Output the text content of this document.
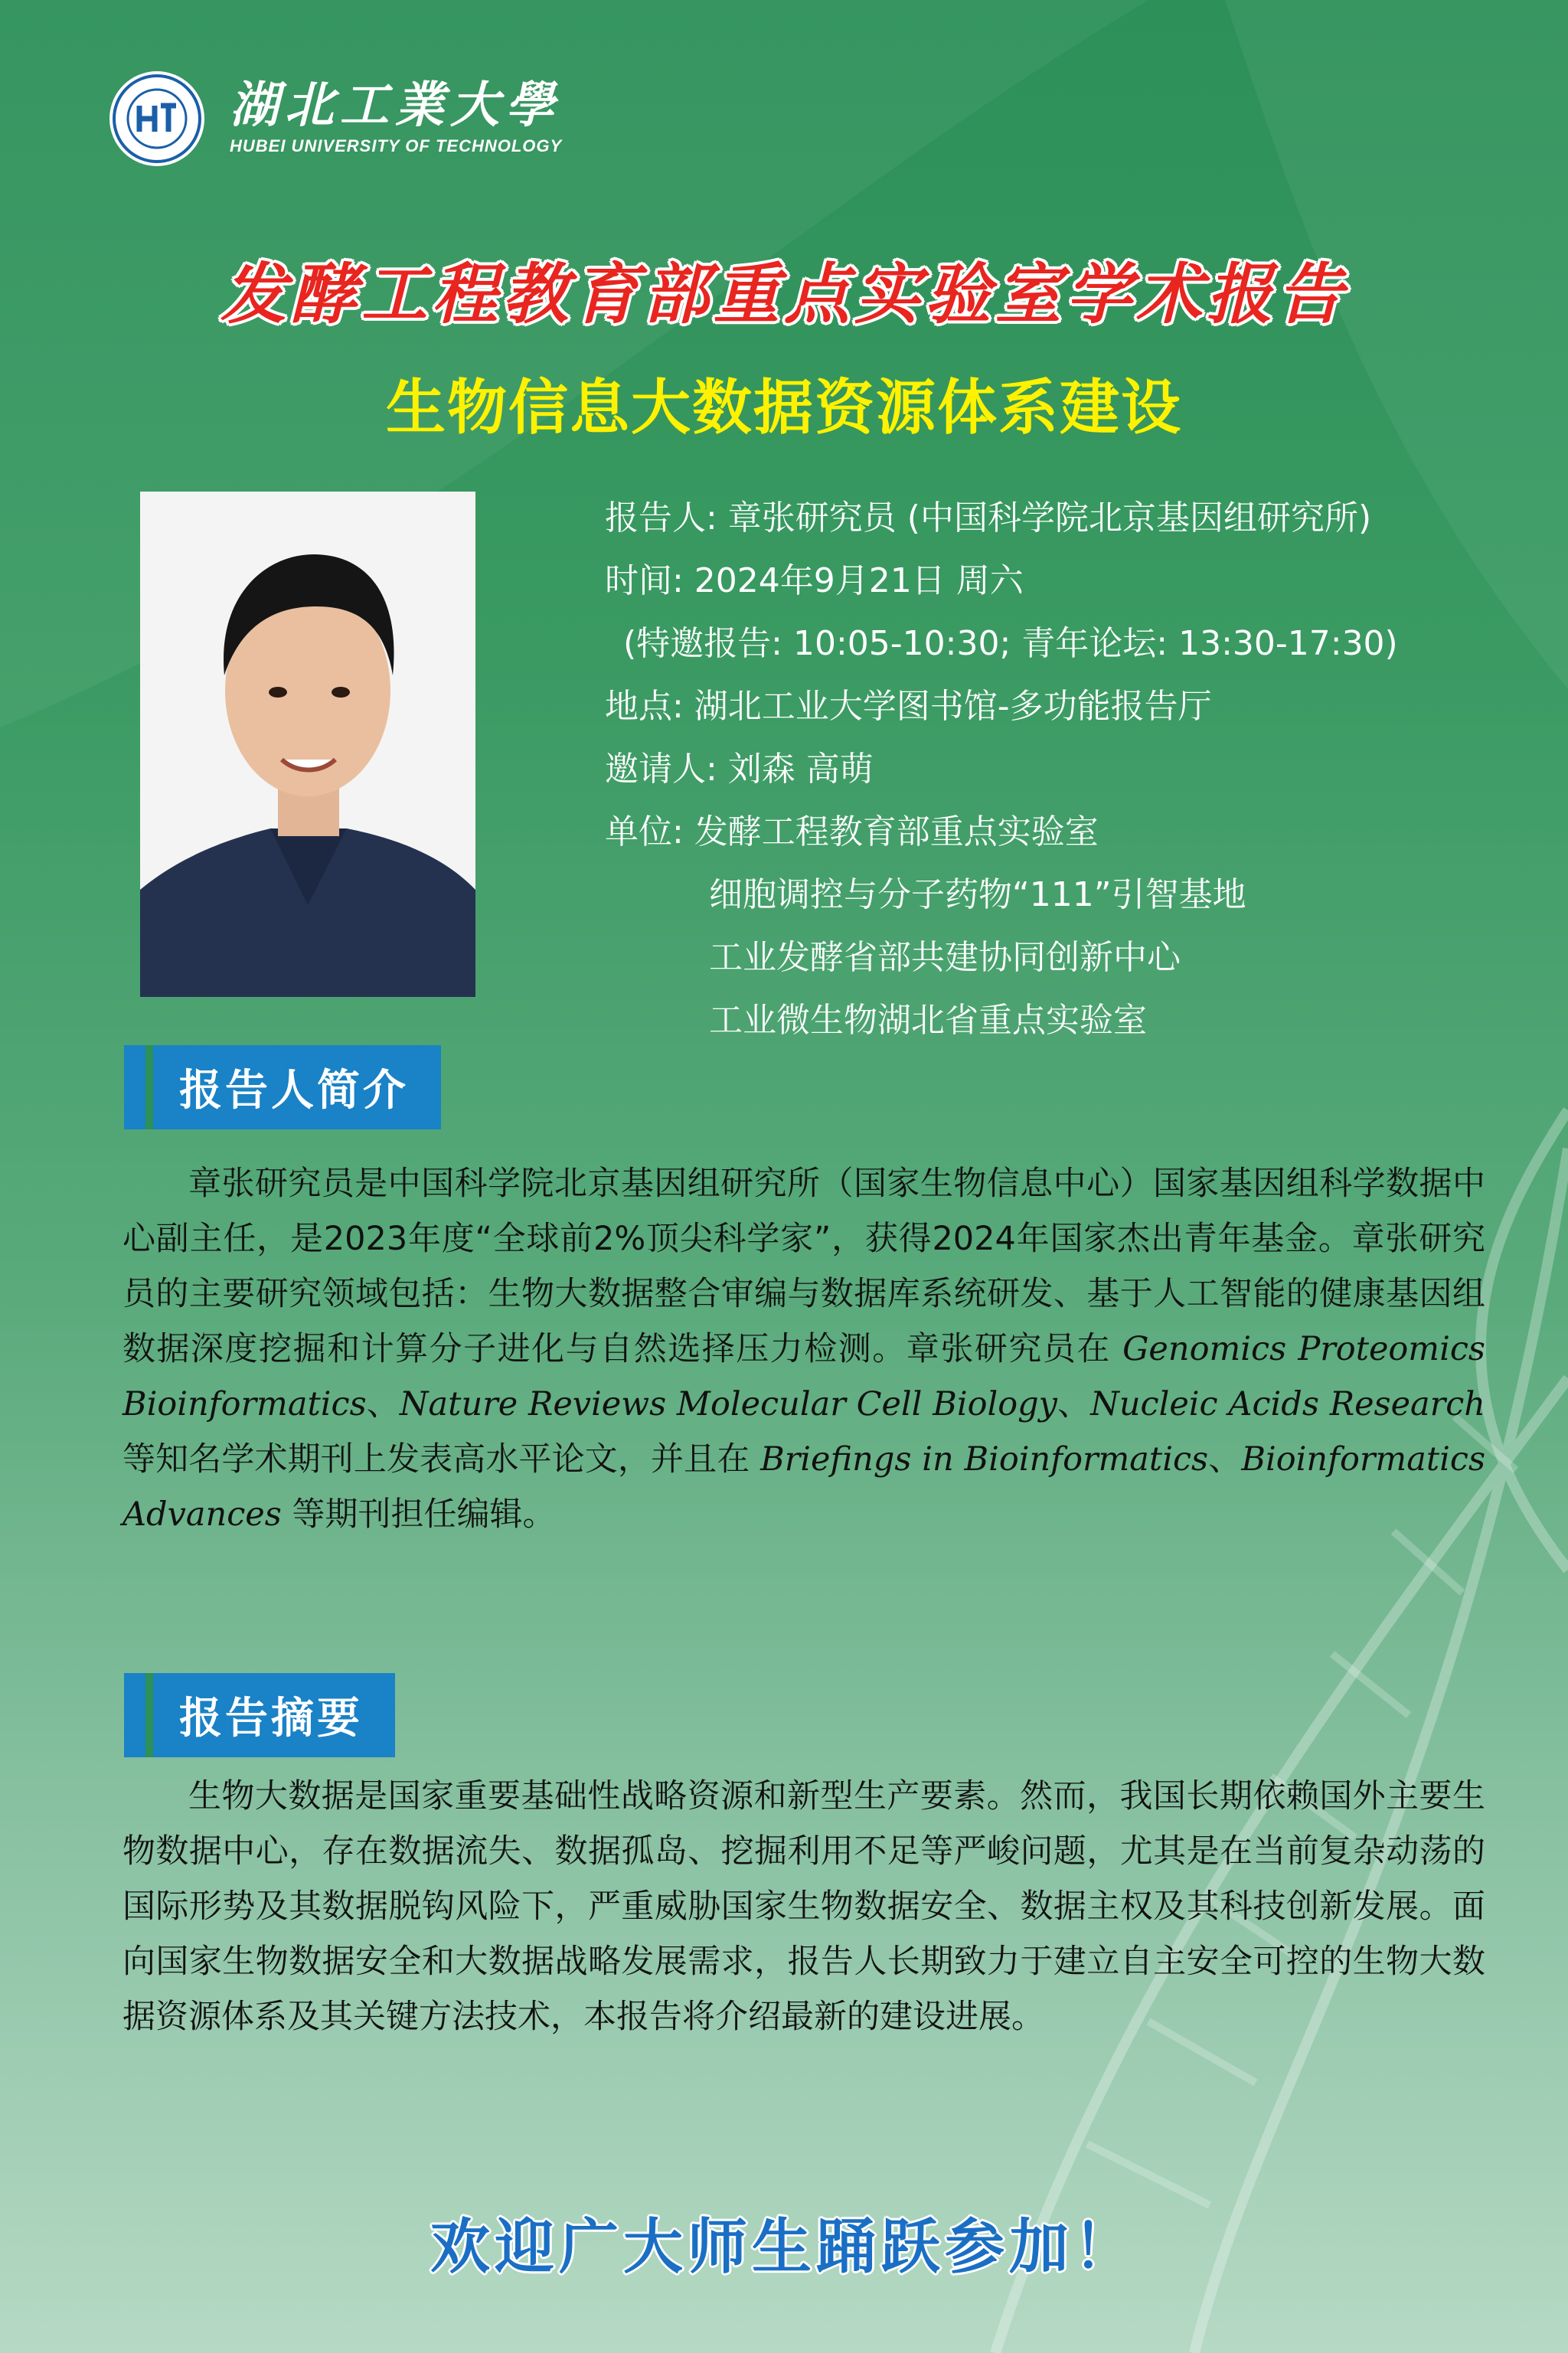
湖北工業大學
HUBEI UNIVERSITY OF TECHNOLOGY
发酵工程教育部重点实验室学术报告
生物信息大数据资源体系建设
报告人: 章张研究员 (中国科学院北京基因组研究所)
时间: 2024年9月21日 周六
(特邀报告: 10:05-10:30; 青年论坛: 13:30-17:30)
地点: 湖北工业大学图书馆-多功能报告厅
邀请人: 刘森 高萌
单位: 发酵工程教育部重点实验室
细胞调控与分子药物“111”引智基地
工业发酵省部共建协同创新中心
工业微生物湖北省重点实验室
报告人简介
章张研究员是中国科学院北京基因组研究所（国家生物信息中心）国家基因组科学数据中心副主任，是2023年度“全球前2%顶尖科学家”，获得2024年国家杰出青年基金。章张研究员的主要研究领域包括：生物大数据整合审编与数据库系统研发、基于人工智能的健康基因组数据深度挖掘和计算分子进化与自然选择压力检测。章张研究员在 Genomics Proteomics Bioinformatics、Nature Reviews Molecular Cell Biology、Nucleic Acids Research 等知名学术期刊上发表高水平论文，并且在 Briefings in Bioinformatics、Bioinformatics Advances 等期刊担任编辑。
报告摘要
生物大数据是国家重要基础性战略资源和新型生产要素。然而，我国长期依赖国外主要生物数据中心，存在数据流失、数据孤岛、挖掘利用不足等严峻问题，尤其是在当前复杂动荡的国际形势及其数据脱钩风险下，严重威胁国家生物数据安全、数据主权及其科技创新发展。面向国家生物数据安全和大数据战略发展需求，报告人长期致力于建立自主安全可控的生物大数据资源体系及其关键方法技术，本报告将介绍最新的建设进展。
欢迎广大师生踊跃参加！
